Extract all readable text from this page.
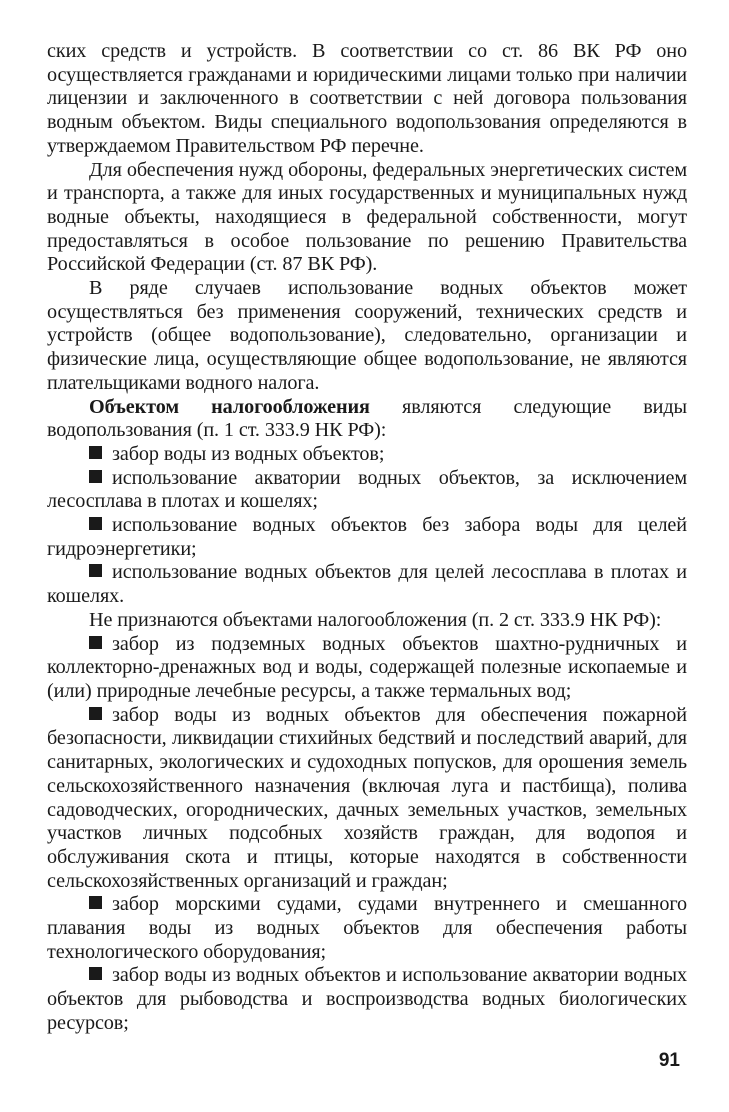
ских средств и устройств. В соответствии со ст. 86 ВК РФ оно осуществляется гражданами и юридическими лицами только при наличии лицензии и заключенного в соответствии с ней договора пользования водным объектом. Виды специального водопользования определяются в утверждаемом Правительством РФ перечне.

Для обеспечения нужд обороны, федеральных энергетических систем и транспорта, а также для иных государственных и муниципальных нужд водные объекты, находящиеся в федеральной собственности, могут предоставляться в особое пользование по решению Правительства Российской Федерации (ст. 87 ВК РФ).

В ряде случаев использование водных объектов может осуществляться без применения сооружений, технических средств и устройств (общее водопользование), следовательно, организации и физические лица, осуществляющие общее водопользование, не являются плательщиками водного налога.

Объектом налогообложения являются следующие виды водопользования (п. 1 ст. 333.9 НК РФ):

забор воды из водных объектов;

использование акватории водных объектов, за исключением лесосплава в плотах и кошелях;

использование водных объектов без забора воды для целей гидроэнергетики;

использование водных объектов для целей лесосплава в плотах и кошелях.

Не признаются объектами налогообложения (п. 2 ст. 333.9 НК РФ):

забор из подземных водных объектов шахтно-рудничных и коллекторно-дренажных вод и воды, содержащей полезные ископаемые и (или) природные лечебные ресурсы, а также термальных вод;

забор воды из водных объектов для обеспечения пожарной безопасности, ликвидации стихийных бедствий и последствий аварий, для санитарных, экологических и судоходных попусков, для орошения земель сельскохозяйственного назначения (включая луга и пастбища), полива садоводческих, огороднических, дачных земельных участков, земельных участков личных подсобных хозяйств граждан, для водопоя и обслуживания скота и птицы, которые находятся в собственности сельскохозяйственных организаций и граждан;

забор морскими судами, судами внутреннего и смешанного плавания воды из водных объектов для обеспечения работы технологического оборудования;

забор воды из водных объектов и использование акватории водных объектов для рыбоводства и воспроизводства водных биологических ресурсов;

91
